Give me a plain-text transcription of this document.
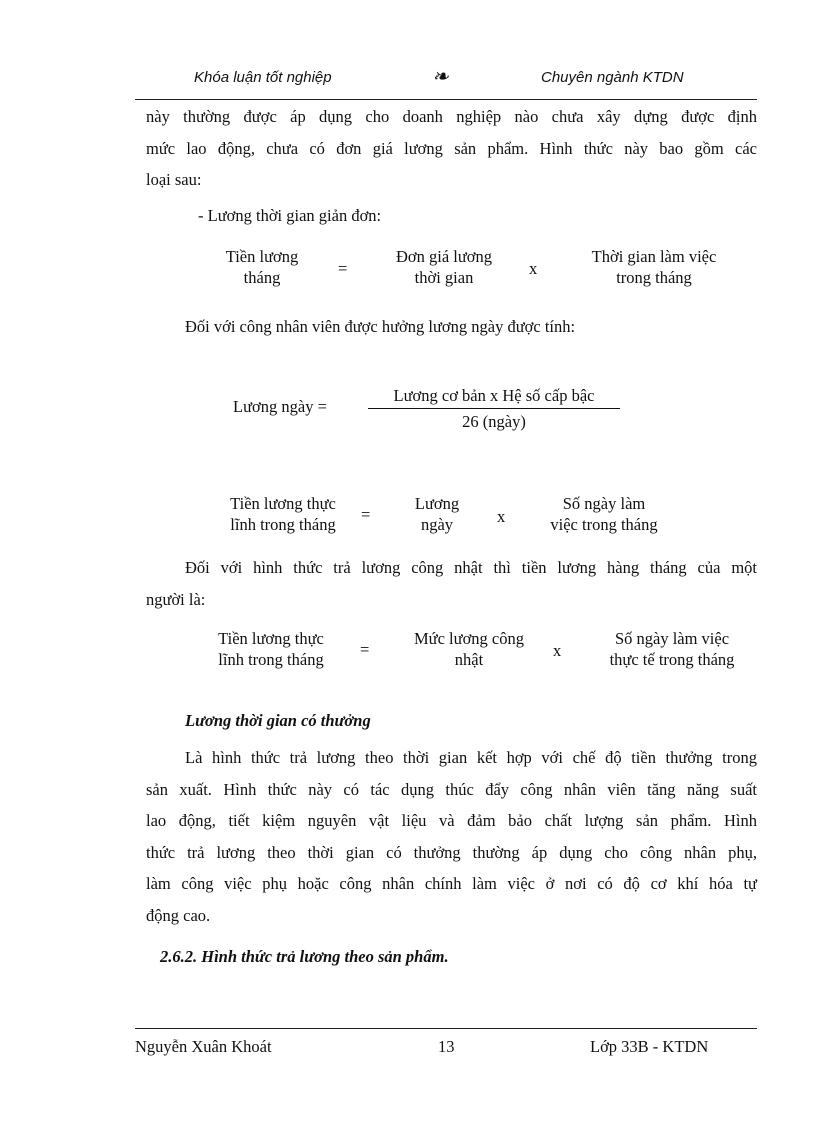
Khóa luận tốt nghiệp	❧	Chuyên ngành KTDN
này thường được áp dụng cho doanh nghiệp nào chưa xây dựng được định
mức lao động, chưa có đơn giá lương sản phẩm. Hình thức này bao gồm các
loại sau:
- Lương thời gian giản đơn:
Tiền lương
tháng	=
Đơn giá lương
thời gian	x
Thời gian làm việc
trong tháng
Đối với công nhân viên được hưởng lương ngày được tính:
Lương ngày =
Lương cơ bản x Hệ số cấp bậc
26 (ngày)
Tiền lương thực
lĩnh trong tháng
=
Lương
ngày	x
Số ngày làm
việc trong tháng
Đối với hình thức trả lương công nhật thì tiền lương hàng tháng của một
người là:
Tiền lương thực
lĩnh trong tháng
=
Mức lương công
nhật	x
Số ngày làm việc
thực tế trong tháng
Lương thời gian có thưởng
Là hình thức trả lương theo thời gian kết hợp với chế độ tiền thưởng trong
sản xuất. Hình thức này có tác dụng thúc đẩy công nhân viên tăng năng suất
lao động, tiết kiệm nguyên vật liệu và đảm bảo chất lượng sản phẩm. Hình
thức trả lương theo thời gian có thưởng thường áp dụng cho công nhân phụ,
làm công việc phụ hoặc công nhân chính làm việc ở nơi có độ cơ khí hóa tự
động cao.
2.6.2. Hình thức trả lương theo sản phẩm.
Nguyễn Xuân Khoát	13	Lớp 33B - KTDN
